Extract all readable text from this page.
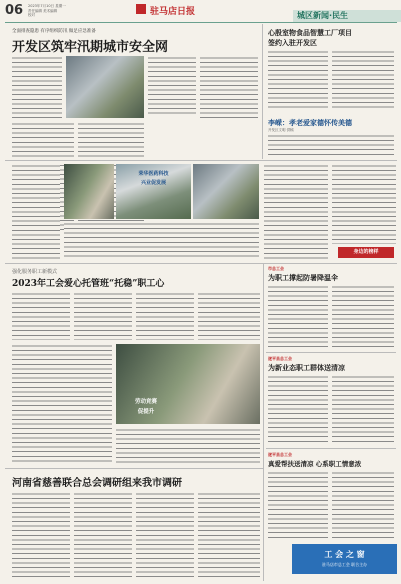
06 2023年7月10日 星期一
责任编辑 美术编辑
校对	驻马店日报	城区新闻·民生
全面排查隐患 有序组织防汛 做足应急准备
开发区筑牢汛期城市安全网
心殷室物食品智慧工厂项目
签约入驻开发区
李嵘：孝老爱家德怀传美德
开发区文明 供稿
荣华医药科技
兴业促发展
身边的榜样
强化服务职工新模式
2023年工会爱心托管班“托稳”职工心
劳动竞赛
促提升
河南省慈善联合总会调研组来我市调研
市总工会
为职工撑起防暑降温伞
遂平县总工会
为新业态职工群体送清凉
遂平县总工会
真爱帮扶送清凉 心系职工情意浓
工 会 之 窗
驻马店市总工会 联合主办
